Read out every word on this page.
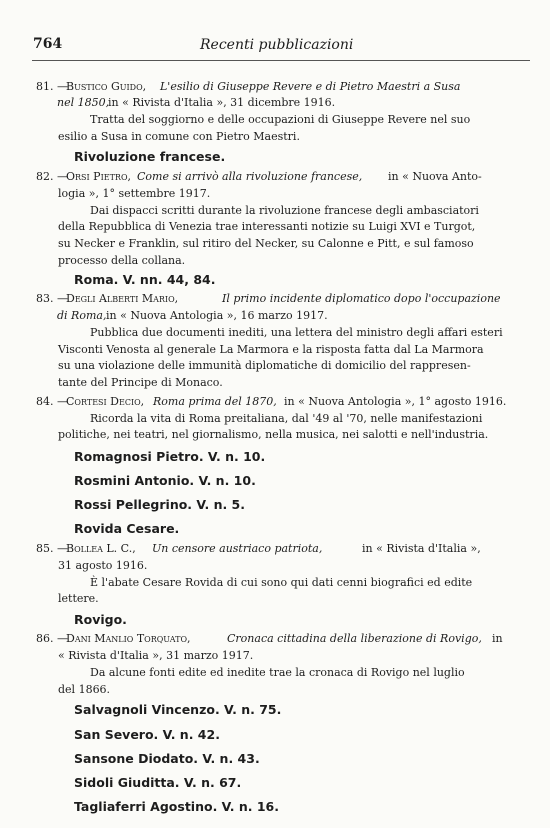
764	Recenti pubblicazioni
81. —
Bustico Guido, L'esilio di Giuseppe Revere e di Pietro Maestri a Susa
nel 1850,
in « Rivista d'Italia », 31 dicembre 1916.
Tratta del soggiorno e delle occupazioni di Giuseppe Revere nel suo
esilio a Susa in comune con Pietro Maestri.
Rivoluzione francese.
82. —
Orsi Pietro, Come si arrivò alla rivoluzione francese, in « Nuova Anto-
logia », 1° settembre 1917.
Dai dispacci scritti durante la rivoluzione francese degli ambasciatori
della Repubblica di Venezia trae interessanti notizie su Luigi XVI e Turgot,
su Necker e Franklin, sul ritiro del Necker, su Calonne e Pitt, e sul famoso
processo della collana.
Roma. V. nn. 44, 84.
83. —
Degli Alberti Mario,	Il primo incidente diplomatico dopo l'occupazione
di Roma, in « Nuova Antologia », 16 marzo 1917.
Pubblica due documenti inediti, una lettera del ministro degli affari esteri
Visconti Venosta al generale La Marmora e la risposta fatta dal La Marmora
su una violazione delle immunità diplomatiche di domicilio del rappresen-
tante del Principe di Monaco.
84. —
Cortesi Decio, Roma prima del 1870, in « Nuova Antologia », 1° agosto 1916.
Ricorda la vita di Roma preitaliana, dal '49 al '70, nelle manifestazioni
politiche, nei teatri, nel giornalismo, nella musica, nei salotti e nell'industria.
Romagnosi Pietro. V. n. 10.
Rosmini Antonio. V. n. 10.
Rossi Pellegrino. V. n. 5.
Rovida Cesare.
85. —
Bollea L. C., Un censore austriaco patriota,	in « Rivista d'Italia »,
31 agosto 1916.
È l'abate Cesare Rovida di cui sono qui dati cenni biografici ed edite
lettere.
Rovigo.
86. —
Dani Manlio Torquato,	Cronaca cittadina della liberazione di Rovigo, in
« Rivista d'Italia », 31 marzo 1917.
Da alcune fonti edite ed inedite trae la cronaca di Rovigo nel luglio
del 1866.
Salvagnoli Vincenzo. V. n. 75.
San Severo. V. n. 42.
Sansone Diodato. V. n. 43.
Sidoli Giuditta. V. n. 67.
Tagliaferri Agostino. V. n. 16.
